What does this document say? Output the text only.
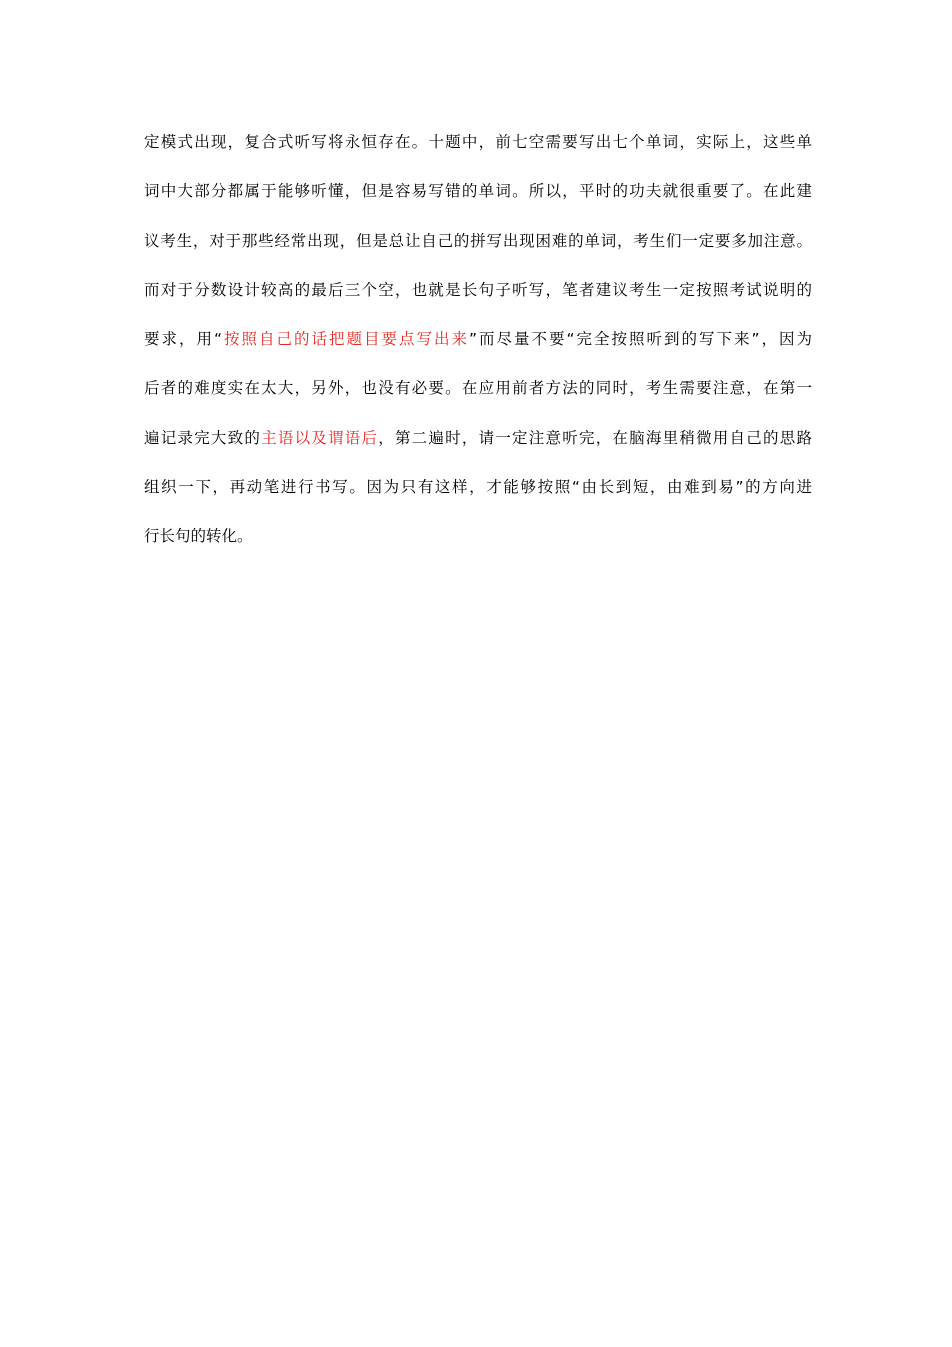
定模式出现，复合式听写将永恒存在。十题中，前七空需要写出七个单词，实际上，这些单
词中大部分都属于能够听懂，但是容易写错的单词。所以，平时的功夫就很重要了。在此建
议考生，对于那些经常出现，但是总让自己的拼写出现困难的单词，考生们一定要多加注意。
而对于分数设计较高的最后三个空，也就是长句子听写，笔者建议考生一定按照考试说明的
要求，用“按照自己的话把题目要点写出来”而尽量不要“完全按照听到的写下来”，因为
后者的难度实在太大，另外，也没有必要。在应用前者方法的同时，考生需要注意，在第一
遍记录完大致的主语以及谓语后，第二遍时，请一定注意听完，在脑海里稍微用自己的思路
组织一下，再动笔进行书写。因为只有这样，才能够按照“由长到短，由难到易”的方向进
行长句的转化。
